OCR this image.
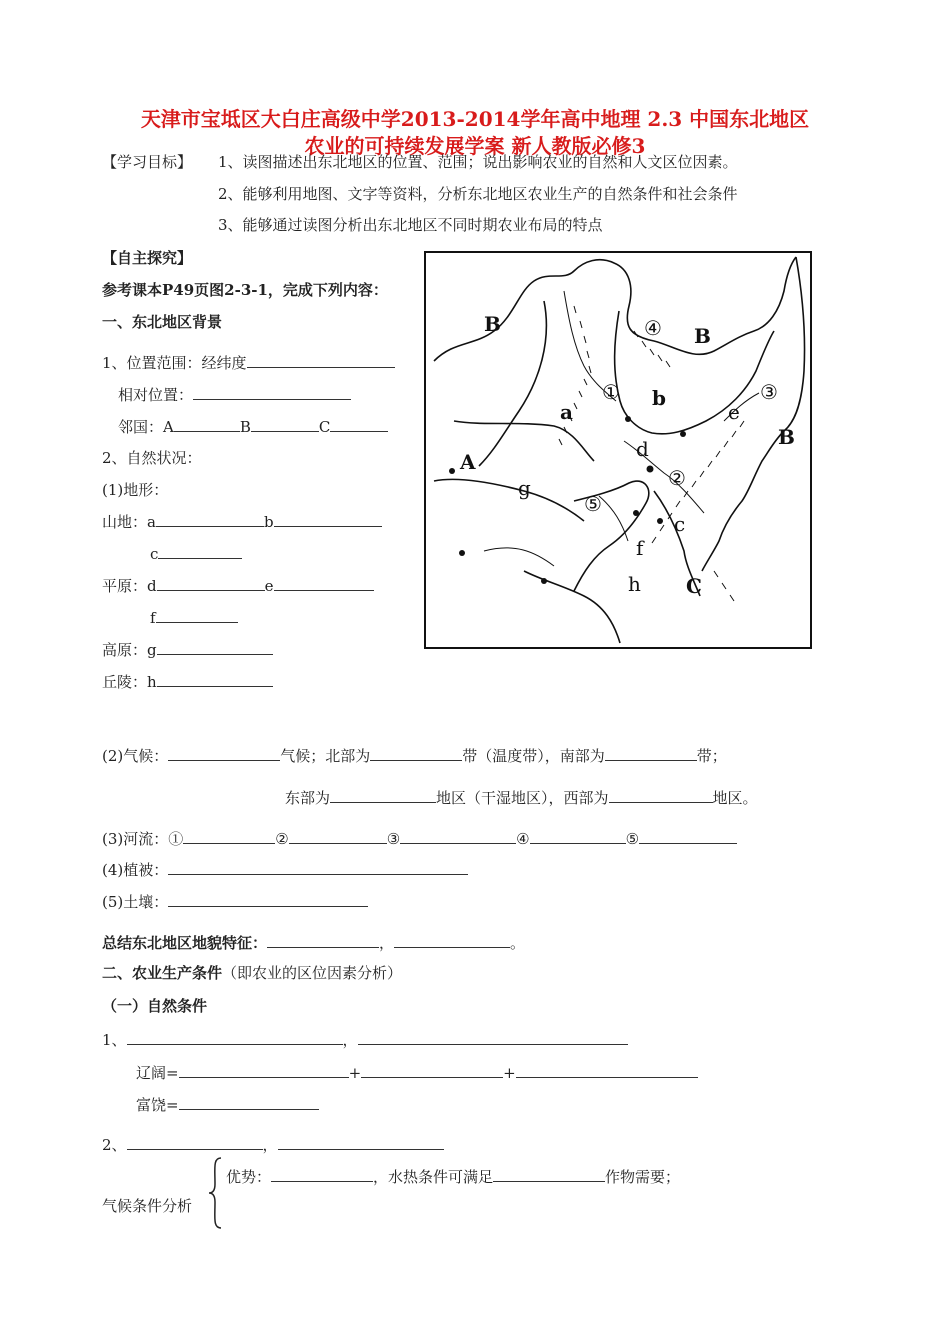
天津市宝坻区大白庄高级中学2013-2014学年高中地理 2.3 中国东北地区
农业的可持续发展学案 新人教版必修3
【学习目标】 1、读图描述出东北地区的位置、范围；说出影响农业的自然和人文区位因素。
2、能够利用地图、文字等资料，分析东北地区农业生产的自然条件和社会条件
3、能够通过读图分析出东北地区不同时期农业布局的特点
【自主探究】
参考课本P49页图2-3-1，完成下列内容：
一、东北地区背景
1、位置范围：经纬度
相对位置：
邻国：A	B	C
2、自然状况：
(1)地形：
山地：a	b
c
平原：d	e
f
高原：g
丘陵：h
(2)气候：	气候；北部为	带（温度带），南部为	带；
东部为	地区（干湿地区），西部为	地区。
(3)河流：①	②	③	④	⑤
(4)植被：
(5)土壤：
总结东北地区地貌特征：	，	。
二、农业生产条件（即农业的区位因素分析）
（一）自然条件
1、	，
辽阔=	+	+
富饶=
2、	，
优势：	，水热条件可满足	作物需要；
气候条件分析
B	B
B
A
C
a
b
c
d
e
f
g
h
①
②
③
④
⑤
